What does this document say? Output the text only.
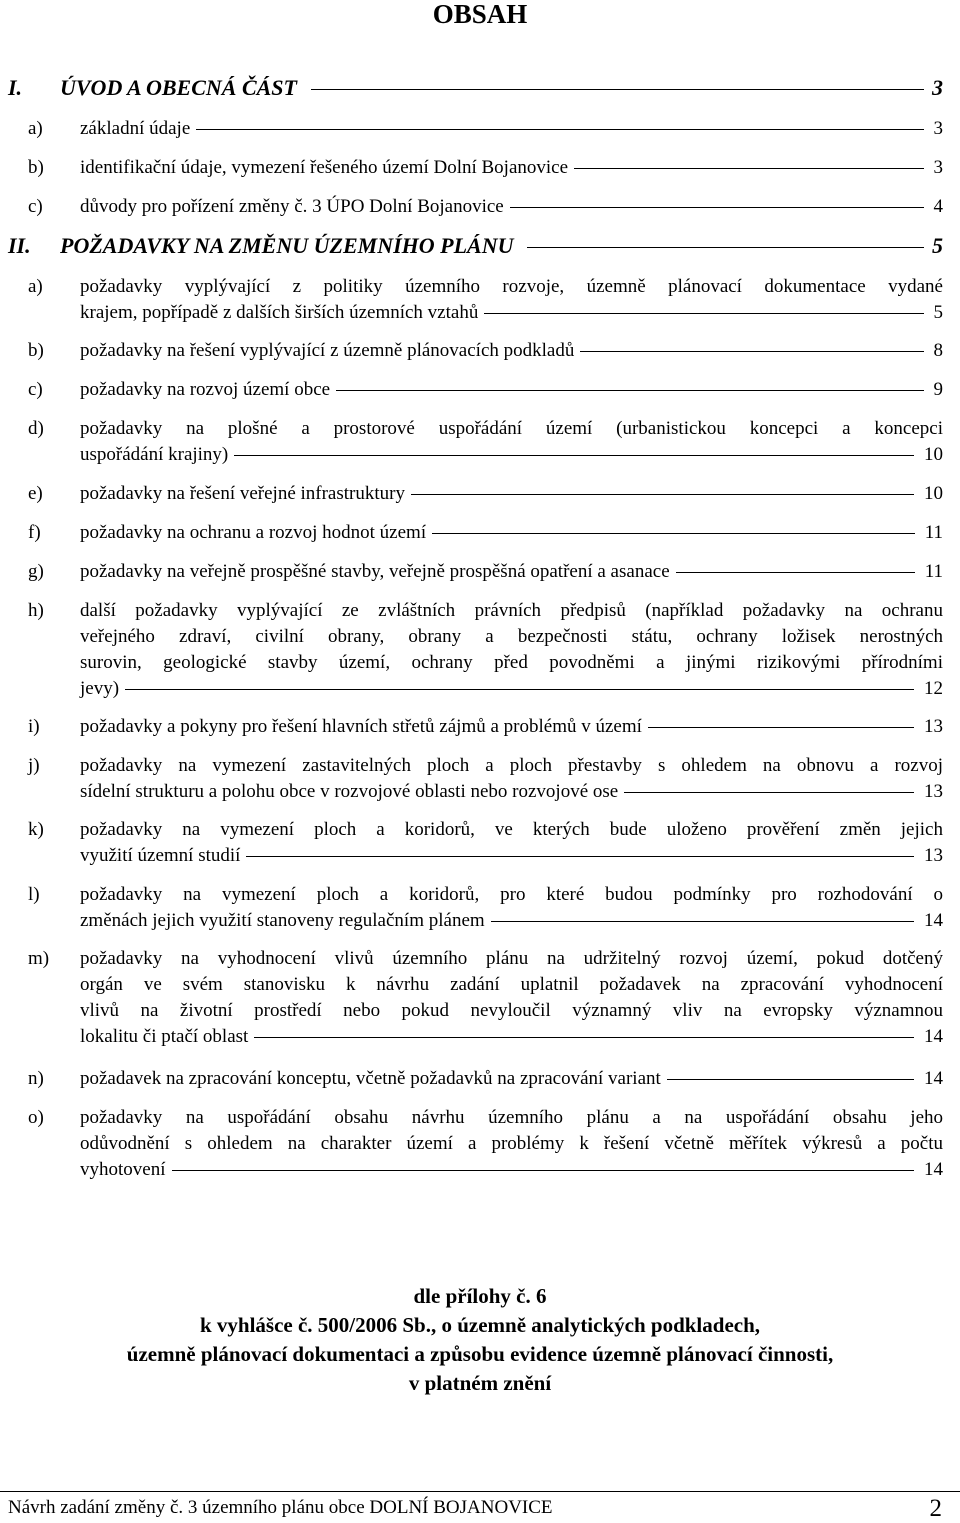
OBSAH
I. ÚVOD A OBECNÁ ČÁST	3
a) základní údaje	3
b) identifikační údaje, vymezení řešeného území Dolní Bojanovice	3
c) důvody pro pořízení změny č. 3 ÚPO Dolní Bojanovice	4
II. POŽADAVKY NA ZMĚNU ÚZEMNÍHO PLÁNU	5
a) požadavky vyplývající z politiky územního rozvoje, územně plánovací dokumentace vydané
krajem, popřípadě z dalších širších územních vztahů	5
b) požadavky na řešení vyplývající z územně plánovacích podkladů	8
c) požadavky na rozvoj území obce	9
d) požadavky na plošné a prostorové uspořádání území (urbanistickou koncepci a koncepci
uspořádání krajiny)	10
e) požadavky na řešení veřejné infrastruktury	10
f) požadavky na ochranu a rozvoj hodnot území	11
g) požadavky na veřejně prospěšné stavby, veřejně prospěšná opatření a asanace	11
h) další požadavky vyplývající ze zvláštních právních předpisů (například požadavky na ochranu
veřejného zdraví, civilní obrany, obrany a bezpečnosti státu, ochrany ložisek nerostných
surovin, geologické stavby území, ochrany před povodněmi a jinými rizikovými přírodními
jevy)	12
i) požadavky a pokyny pro řešení hlavních střetů zájmů a problémů v území	13
j) požadavky na vymezení zastavitelných ploch a ploch přestavby s ohledem na obnovu a rozvoj
sídelní strukturu a polohu obce v rozvojové oblasti nebo rozvojové ose	13
k) požadavky na vymezení ploch a koridorů, ve kterých bude uloženo prověření změn jejich
využití územní studií	13
l) požadavky na vymezení ploch a koridorů, pro které budou podmínky pro rozhodování o
změnách jejich využití stanoveny regulačním plánem	14
m) požadavky na vyhodnocení vlivů územního plánu na udržitelný rozvoj území, pokud dotčený
orgán ve svém stanovisku k návrhu zadání uplatnil požadavek na zpracování vyhodnocení
vlivů na životní prostředí nebo pokud nevyloučil významný vliv na evropsky významnou
lokalitu či ptačí oblast	14
n) požadavek na zpracování konceptu, včetně požadavků na zpracování variant	14
o) požadavky na uspořádání obsahu návrhu územního plánu a na uspořádání obsahu jeho
odůvodnění s ohledem na charakter území a problémy k řešení včetně měřítek výkresů a počtu
vyhotovení	14
dle přílohy č. 6
k vyhlášce č. 500/2006 Sb., o územně analytických podkladech,
územně plánovací dokumentaci a způsobu evidence územně plánovací činnosti,
v platném znění
Návrh zadání změny č. 3 územního plánu obce DOLNÍ BOJANOVICE	2
